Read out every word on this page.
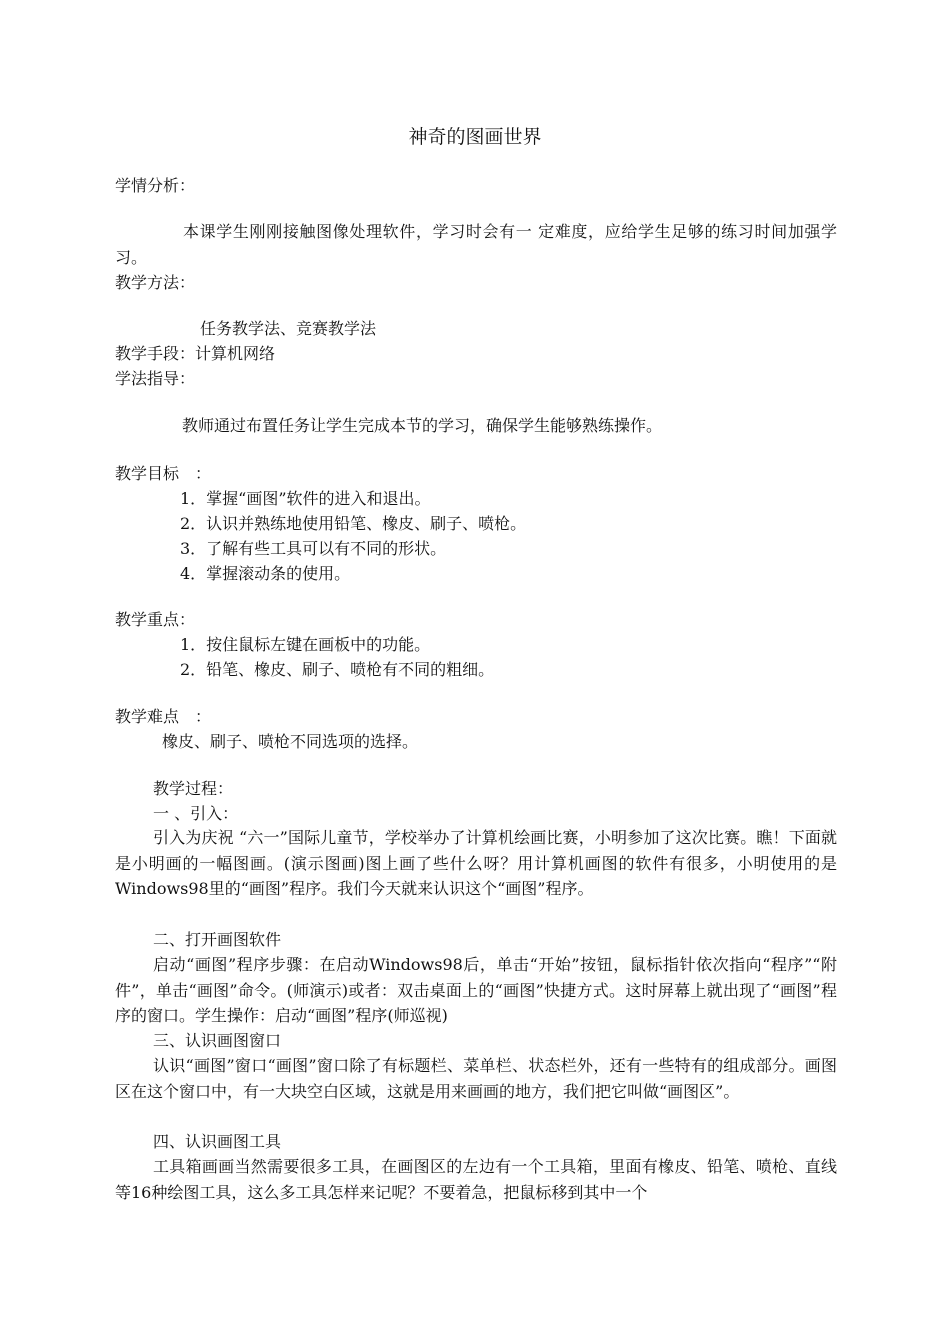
神奇的图画世界
学情分析：
本课学生刚刚接触图像处理软件，学习时会有一 定难度，应给学生足够的练习时间加强学习。
教学方法：
任务教学法、竞赛教学法
教学手段：计算机网络
学法指导：
教师通过布置任务让学生完成本节的学习，确保学生能够熟练操作。
教学目标　：
1．掌握“画图”软件的进入和退出。
2．认识并熟练地使用铅笔、橡皮、刷子、喷枪。
3．了解有些工具可以有不同的形状。
4．掌握滚动条的使用。
教学重点：
1．按住鼠标左键在画板中的功能。
2．铅笔、橡皮、刷子、喷枪有不同的粗细。
教学难点　：
橡皮、刷子、喷枪不同选项的选择。
教学过程：
一 、引入：
引入为庆祝 “六一”国际儿童节，学校举办了计算机绘画比赛，小明参加了这次比赛。瞧！下面就是小明画的一幅图画。(演示图画)图上画了些什么呀？用计算机画图的软件有很多，小明使用的是Windows98里的“画图”程序。我们今天就来认识这个“画图”程序。
二、打开画图软件
启动“画图”程序步骤：在启动Windows98后，单击“开始”按钮，鼠标指针依次指向“程序”“附件”，单击“画图”命令。(师演示)或者：双击桌面上的“画图”快捷方式。这时屏幕上就出现了“画图”程序的窗口。学生操作：启动“画图”程序(师巡视)
三、认识画图窗口
认识“画图”窗口“画图”窗口除了有标题栏、菜单栏、状态栏外，还有一些特有的组成部分。画图区在这个窗口中，有一大块空白区域，这就是用来画画的地方，我们把它叫做“画图区”。
四、认识画图工具
工具箱画画当然需要很多工具，在画图区的左边有一个工具箱，里面有橡皮、铅笔、喷枪、直线等16种绘图工具，这么多工具怎样来记呢？不要着急，把鼠标移到其中一个
